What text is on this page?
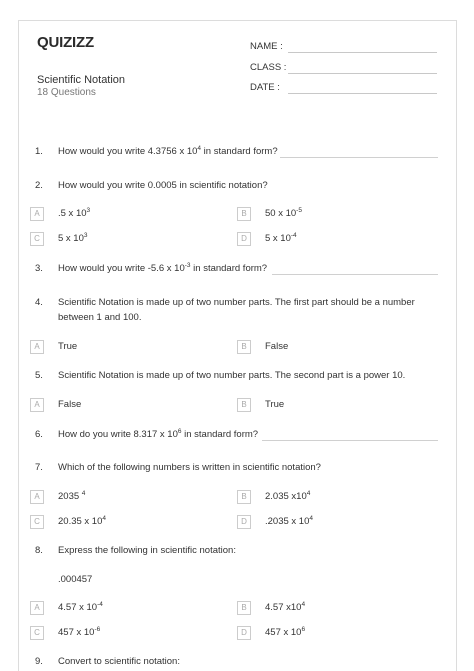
QUIZIZZ
Scientific Notation
18 Questions
NAME :
CLASS :
DATE :
1.	How would you write 4.3756 x $10^4$ in standard form?
2.	How would you write 0.0005 in scientific notation?
A	.5 x $10^3$	B	50 x $10^{-5}$
C	5 x $10^3$	D	5 x $10^{-4}$
3.	How would you write -5.6 x $10^{-3}$ in standard form?
4.	Scientific Notation is made up of two number parts. The first part should be a number
between 1 and 100.
A	True	B	False
5.	Scientific Notation is made up of two number parts. The second part is a power 10.
A	False	B	True
6.	How do you write 8.317 x $10^6$ in standard form?
7.	Which of the following numbers is written in scientific notation?
A	2035 $^4$	B	2.035 $x10^4$
C	20.35 x $10^4$	D	.2035 x $10^4$
8.	Express the following in scientific notation:
.000457
A	4.57 x $10^{-4}$	B	4.57 $x10^4$
C	457 x $10^{-6}$	D	457 x $10^6$
9.	Convert to scientific notation:
